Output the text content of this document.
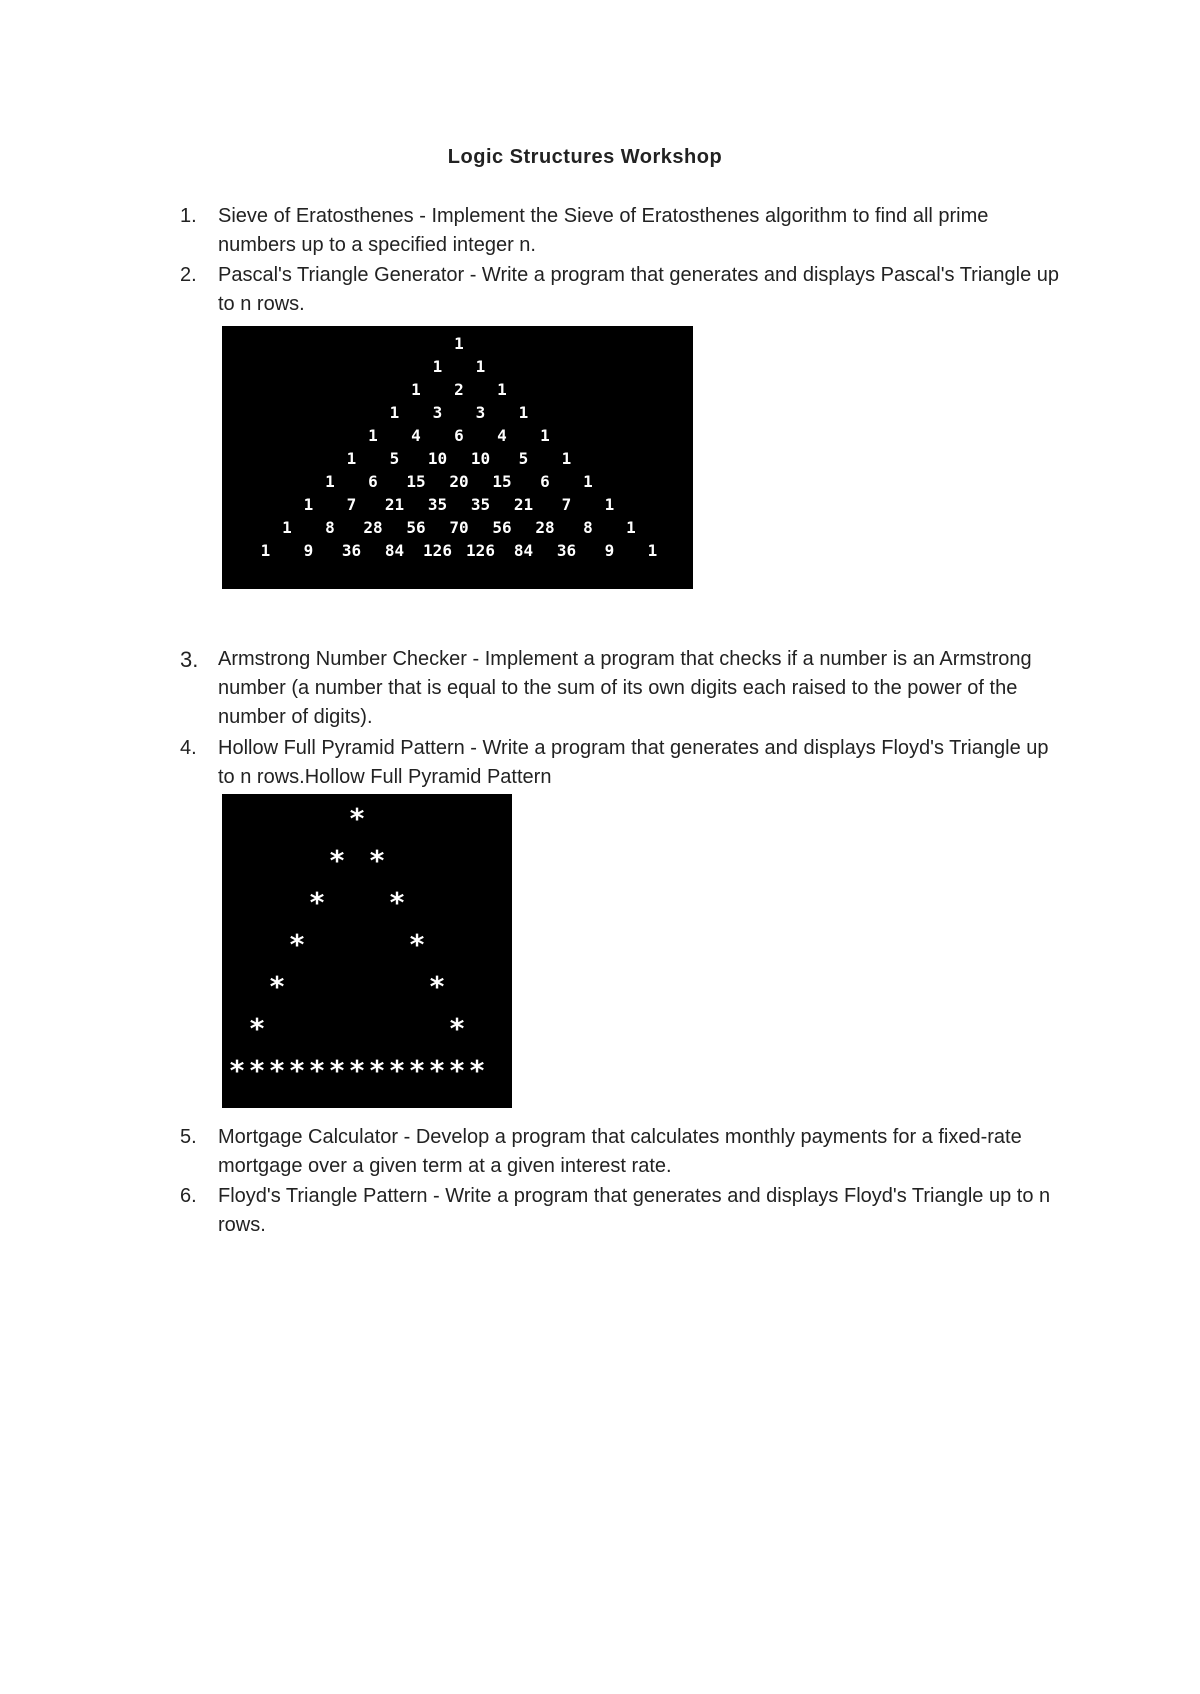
Logic Structures Workshop
1.	Sieve of Eratosthenes - Implement the Sieve of Eratosthenes algorithm to find all prime numbers up to a specified integer n.
2.	Pascal's Triangle Generator - Write a program that generates and displays Pascal's Triangle up to n rows.
1
1	1
1	2	1
1	3	3	1
1	4	6	4	1
1	5	10	10	5	1
1	6	15	20	15	6	1
1	7	21	35	35	21	7	1
1	8	28	56	70	56	28	8	1
1	9	36	84	126 126	84	36	9	1
3. Armstrong Number Checker - Implement a program that checks if a number is an Armstrong number (a number that is equal to the sum of its own digits each raised to the power of the number of digits).
4.	Hollow Full Pyramid Pattern - Write a program that generates and displays Floyd's Triangle up to n rows.Hollow Full Pyramid Pattern
*
* *
* *
*	*
*	*
*	*
* * * * * * * * * * * * *
5.	Mortgage Calculator - Develop a program that calculates monthly payments for a fixed-rate mortgage over a given term at a given interest rate.
6.	Floyd's Triangle Pattern - Write a program that generates and displays Floyd's Triangle up to n rows.
